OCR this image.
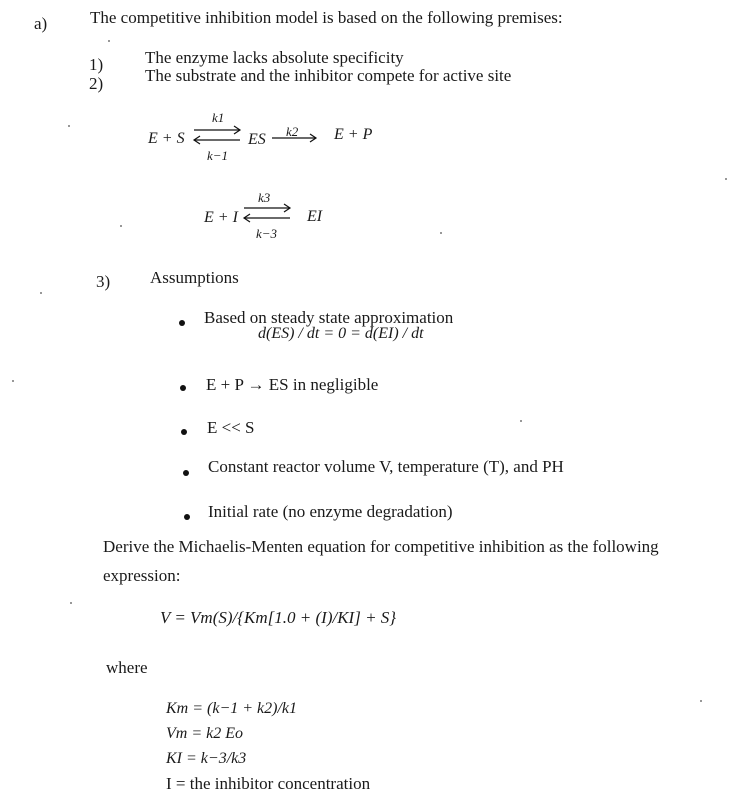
a)	The competitive inhibition model is based on the following premises:
1) The enzyme lacks absolute specificity
2) The substrate and the inhibitor compete for active site
E + S
k1
k−1
⇌ ES k2 E + P
E + I
k3
k−3
⇌ EI
3) Assumptions
Based on steady state approximation
d(ES) / dt = 0 = d(EI) / dt
E + P → ES in negligible
E << S
Constant reactor volume V, temperature (T), and PH
Initial rate (no enzyme degradation)
Derive the Michaelis-Menten equation for competitive inhibition as the following
expression:
V = Vm(S)/{Km[1.0 + (I)/KI] + S}
where
Km = (k−1 + k2)/k1
Vm = k2 Eo
KI = k−3/k3
I = the inhibitor concentration
